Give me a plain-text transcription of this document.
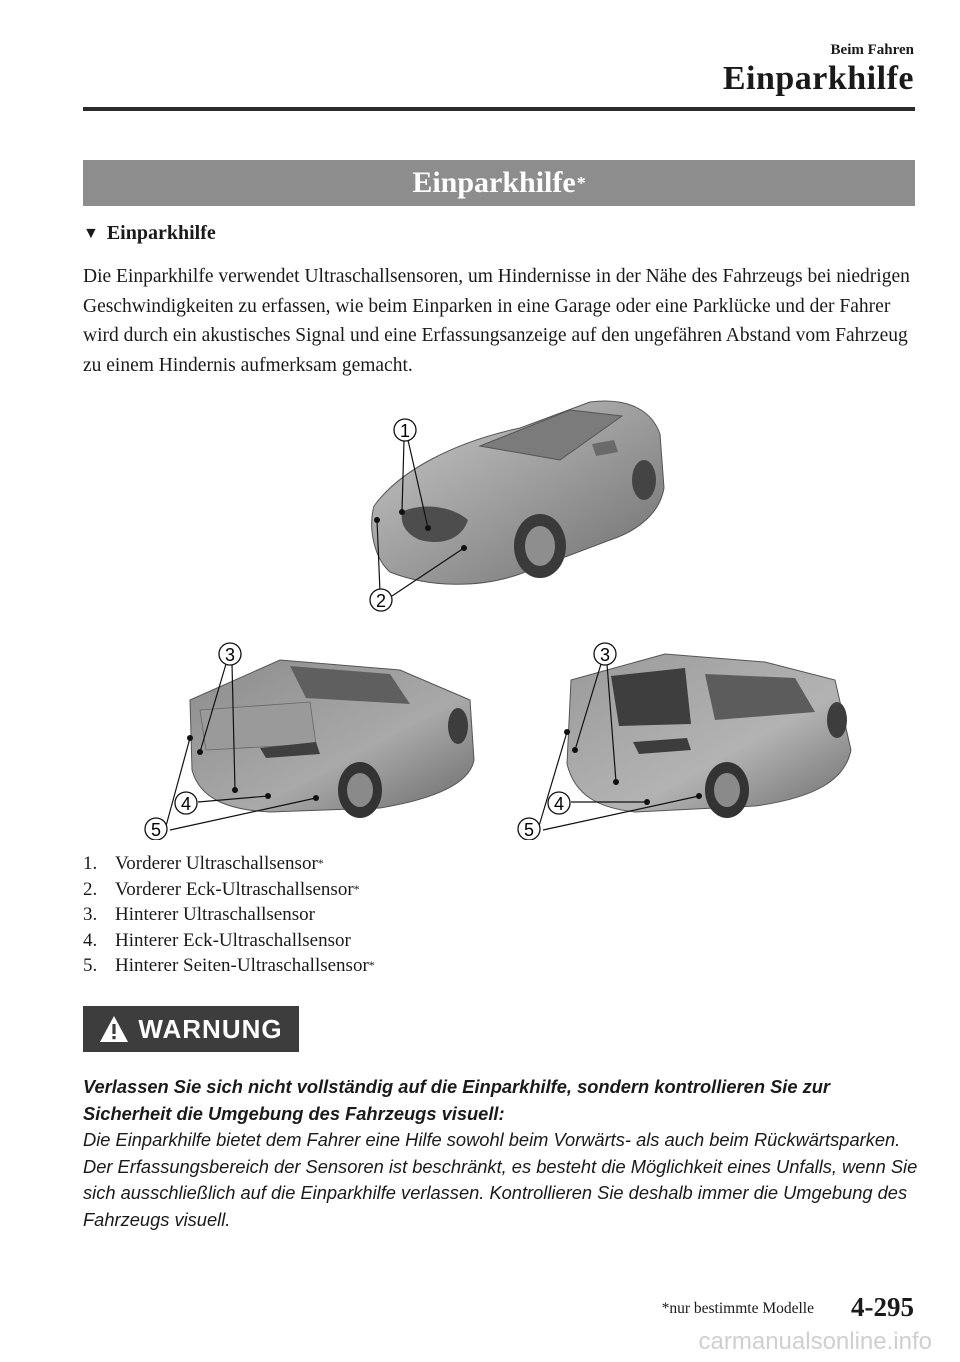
Beim Fahren
Einparkhilfe
Einparkhilfe *
▼ Einparkhilfe
Die Einparkhilfe verwendet Ultraschallsensoren, um Hindernisse in der Nähe des Fahrzeugs bei niedrigen Geschwindigkeiten zu erfassen, wie beim Einparken in eine Garage oder eine Parklücke und der Fahrer wird durch ein akustisches Signal und eine Erfassungsanzeige auf den ungefähren Abstand vom Fahrzeug zu einem Hindernis aufmerksam gemacht.
1
2
3
4
5
3
4
5
1. Vorderer Ultraschallsensor *
2. Vorderer Eck-Ultraschallsensor *
3. Hinterer Ultraschallsensor
4. Hinterer Eck-Ultraschallsensor
5. Hinterer Seiten-Ultraschallsensor *
WARNUNG
Verlassen Sie sich nicht vollständig auf die Einparkhilfe, sondern kontrollieren Sie zur Sicherheit die Umgebung des Fahrzeugs visuell:
Die Einparkhilfe bietet dem Fahrer eine Hilfe sowohl beim Vorwärts- als auch beim Rückwärtsparken. Der Erfassungsbereich der Sensoren ist beschränkt, es besteht die Möglichkeit eines Unfalls, wenn Sie sich ausschließlich auf die Einparkhilfe verlassen. Kontrollieren Sie deshalb immer die Umgebung des Fahrzeugs visuell.
*nur bestimmte Modelle 4-295
carmanualsonline.info
